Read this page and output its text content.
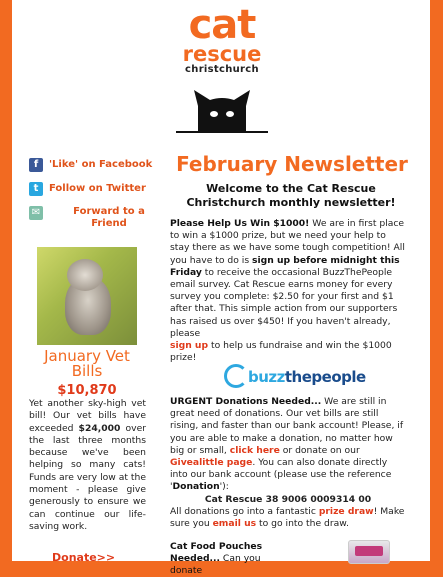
cat
rescue
christchurch
f	'Like' on Facebook
t	Follow on Twitter
✉	Forward to a Friend
January Vet Bills
$10,870
Yet another sky-high vet bill! Our vet bills have exceeded $24,000 over the last three months because we've been helping so many cats! Funds are very low at the moment - please give generously to ensure we can continue our life-saving work.
Donate>>
February Newsletter
Welcome to the Cat Rescue Christchurch monthly newsletter!
Please Help Us Win $1000! We are in first place to win a $1000 prize, but we need your help to stay there as we have some tough competition! All you have to do is sign up before midnight this Friday to receive the occasional BuzzThePeople email survey. Cat Rescue earns money for every survey you complete: $2.50 for your first and $1 after that. This simple action from our supporters has raised us over $450! If you haven't already, please
sign up to help us fundraise and win the $1000 prize!
buzzthepeople
URGENT Donations Needed... We are still in great need of donations. Our vet bills are still rising, and faster than our bank account! Please, if you are able to make a donation, no matter how big or small, click here or donate on our Givealittle page. You can also donate directly into our bank account (please use the reference 'Donation'):
Cat Rescue 38 9006 0009314 00
All donations go into a fantastic prize draw! Make sure you email us to go into the draw.
Cat Food Pouches Needed... Can you donate
